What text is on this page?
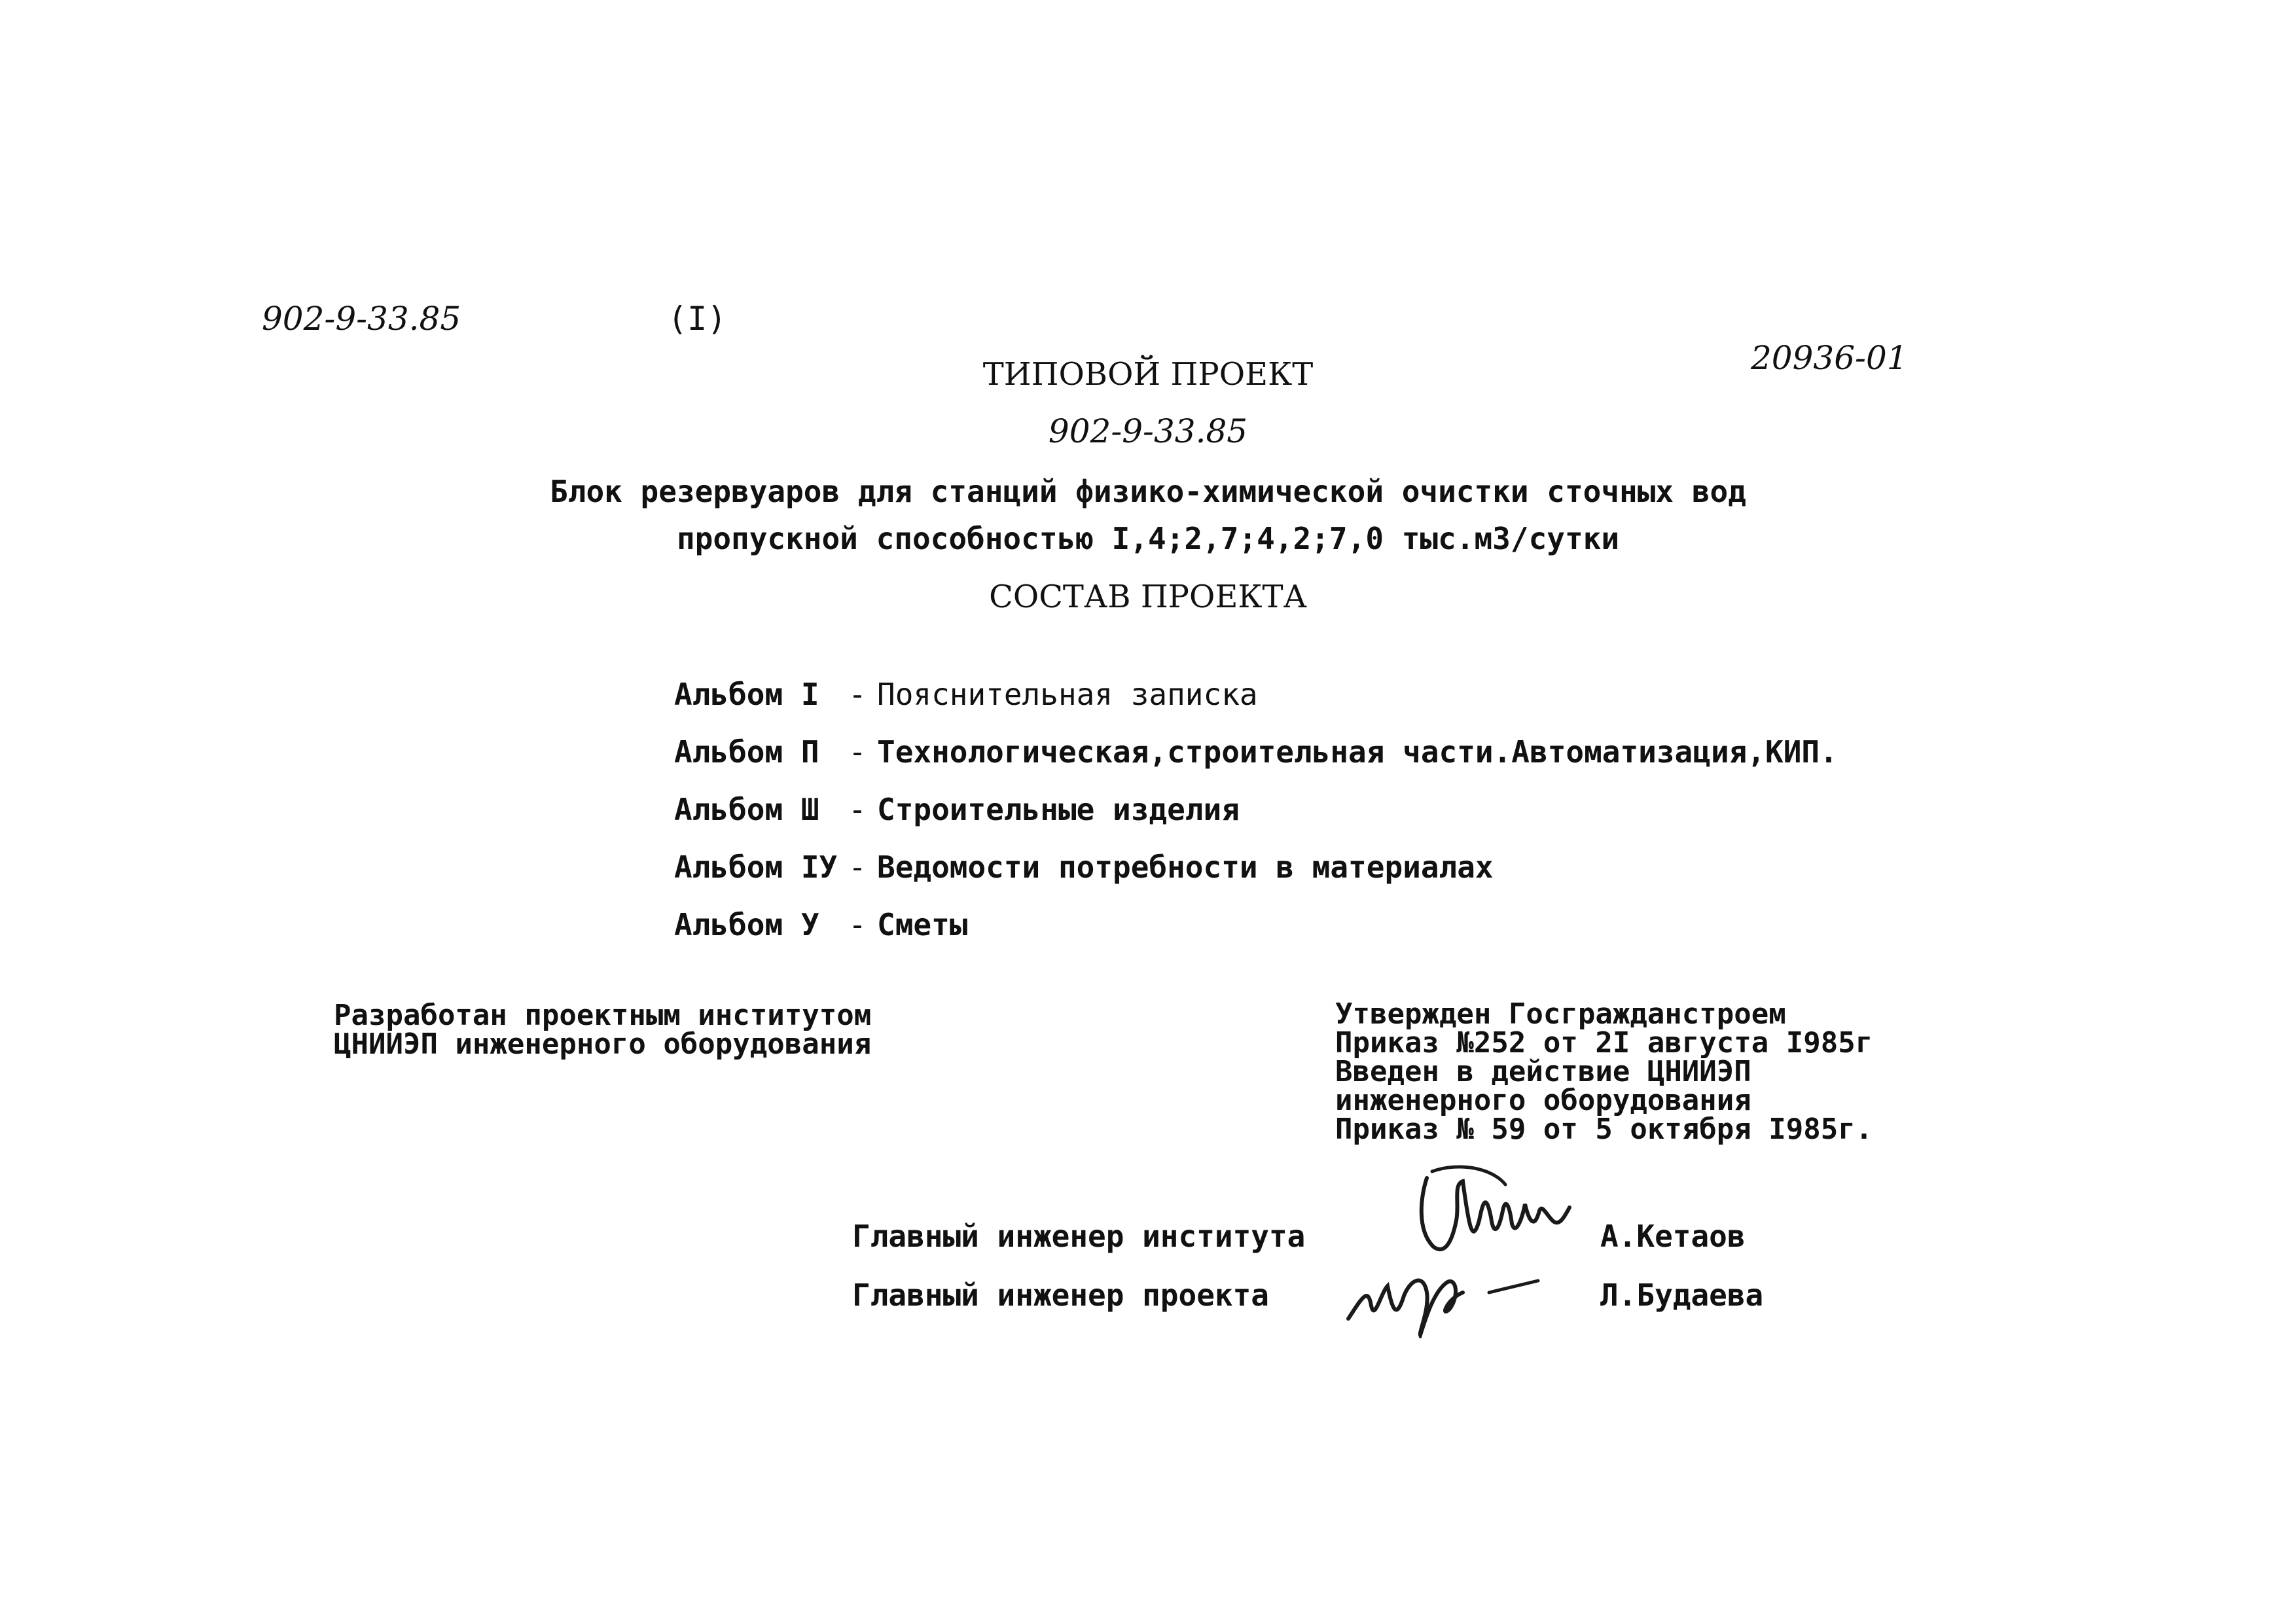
902-9-33.85	(I)
20936-01
ТИПОВОЙ ПРОЕКТ
902-9-33.85
Блок резервуаров для станций физико-химической очистки сточных вод
пропускной способностью I,4;2,7;4,2;7,0 тыс.м3/сутки
СОСТАВ ПРОЕКТА
Альбом I - Пояснительная записка
Альбом П - Технологическая,строительная части.Автоматизация,КИП.
Альбом Ш - Строительные изделия
Альбом IУ - Ведомости потребности в материалах
Альбом У - Сметы
Разработан проектным институтом
ЦНИИЭП инженерного оборудования
Утвержден Госгражданстроем
Приказ №252 от 2I августа I985г
Введен в действие ЦНИИЭП
инженерного оборудования
Приказ № 59 от 5 октября I985г.
Главный инженер института	А.Кетаов
Главный инженер проекта	Л.Будаева
